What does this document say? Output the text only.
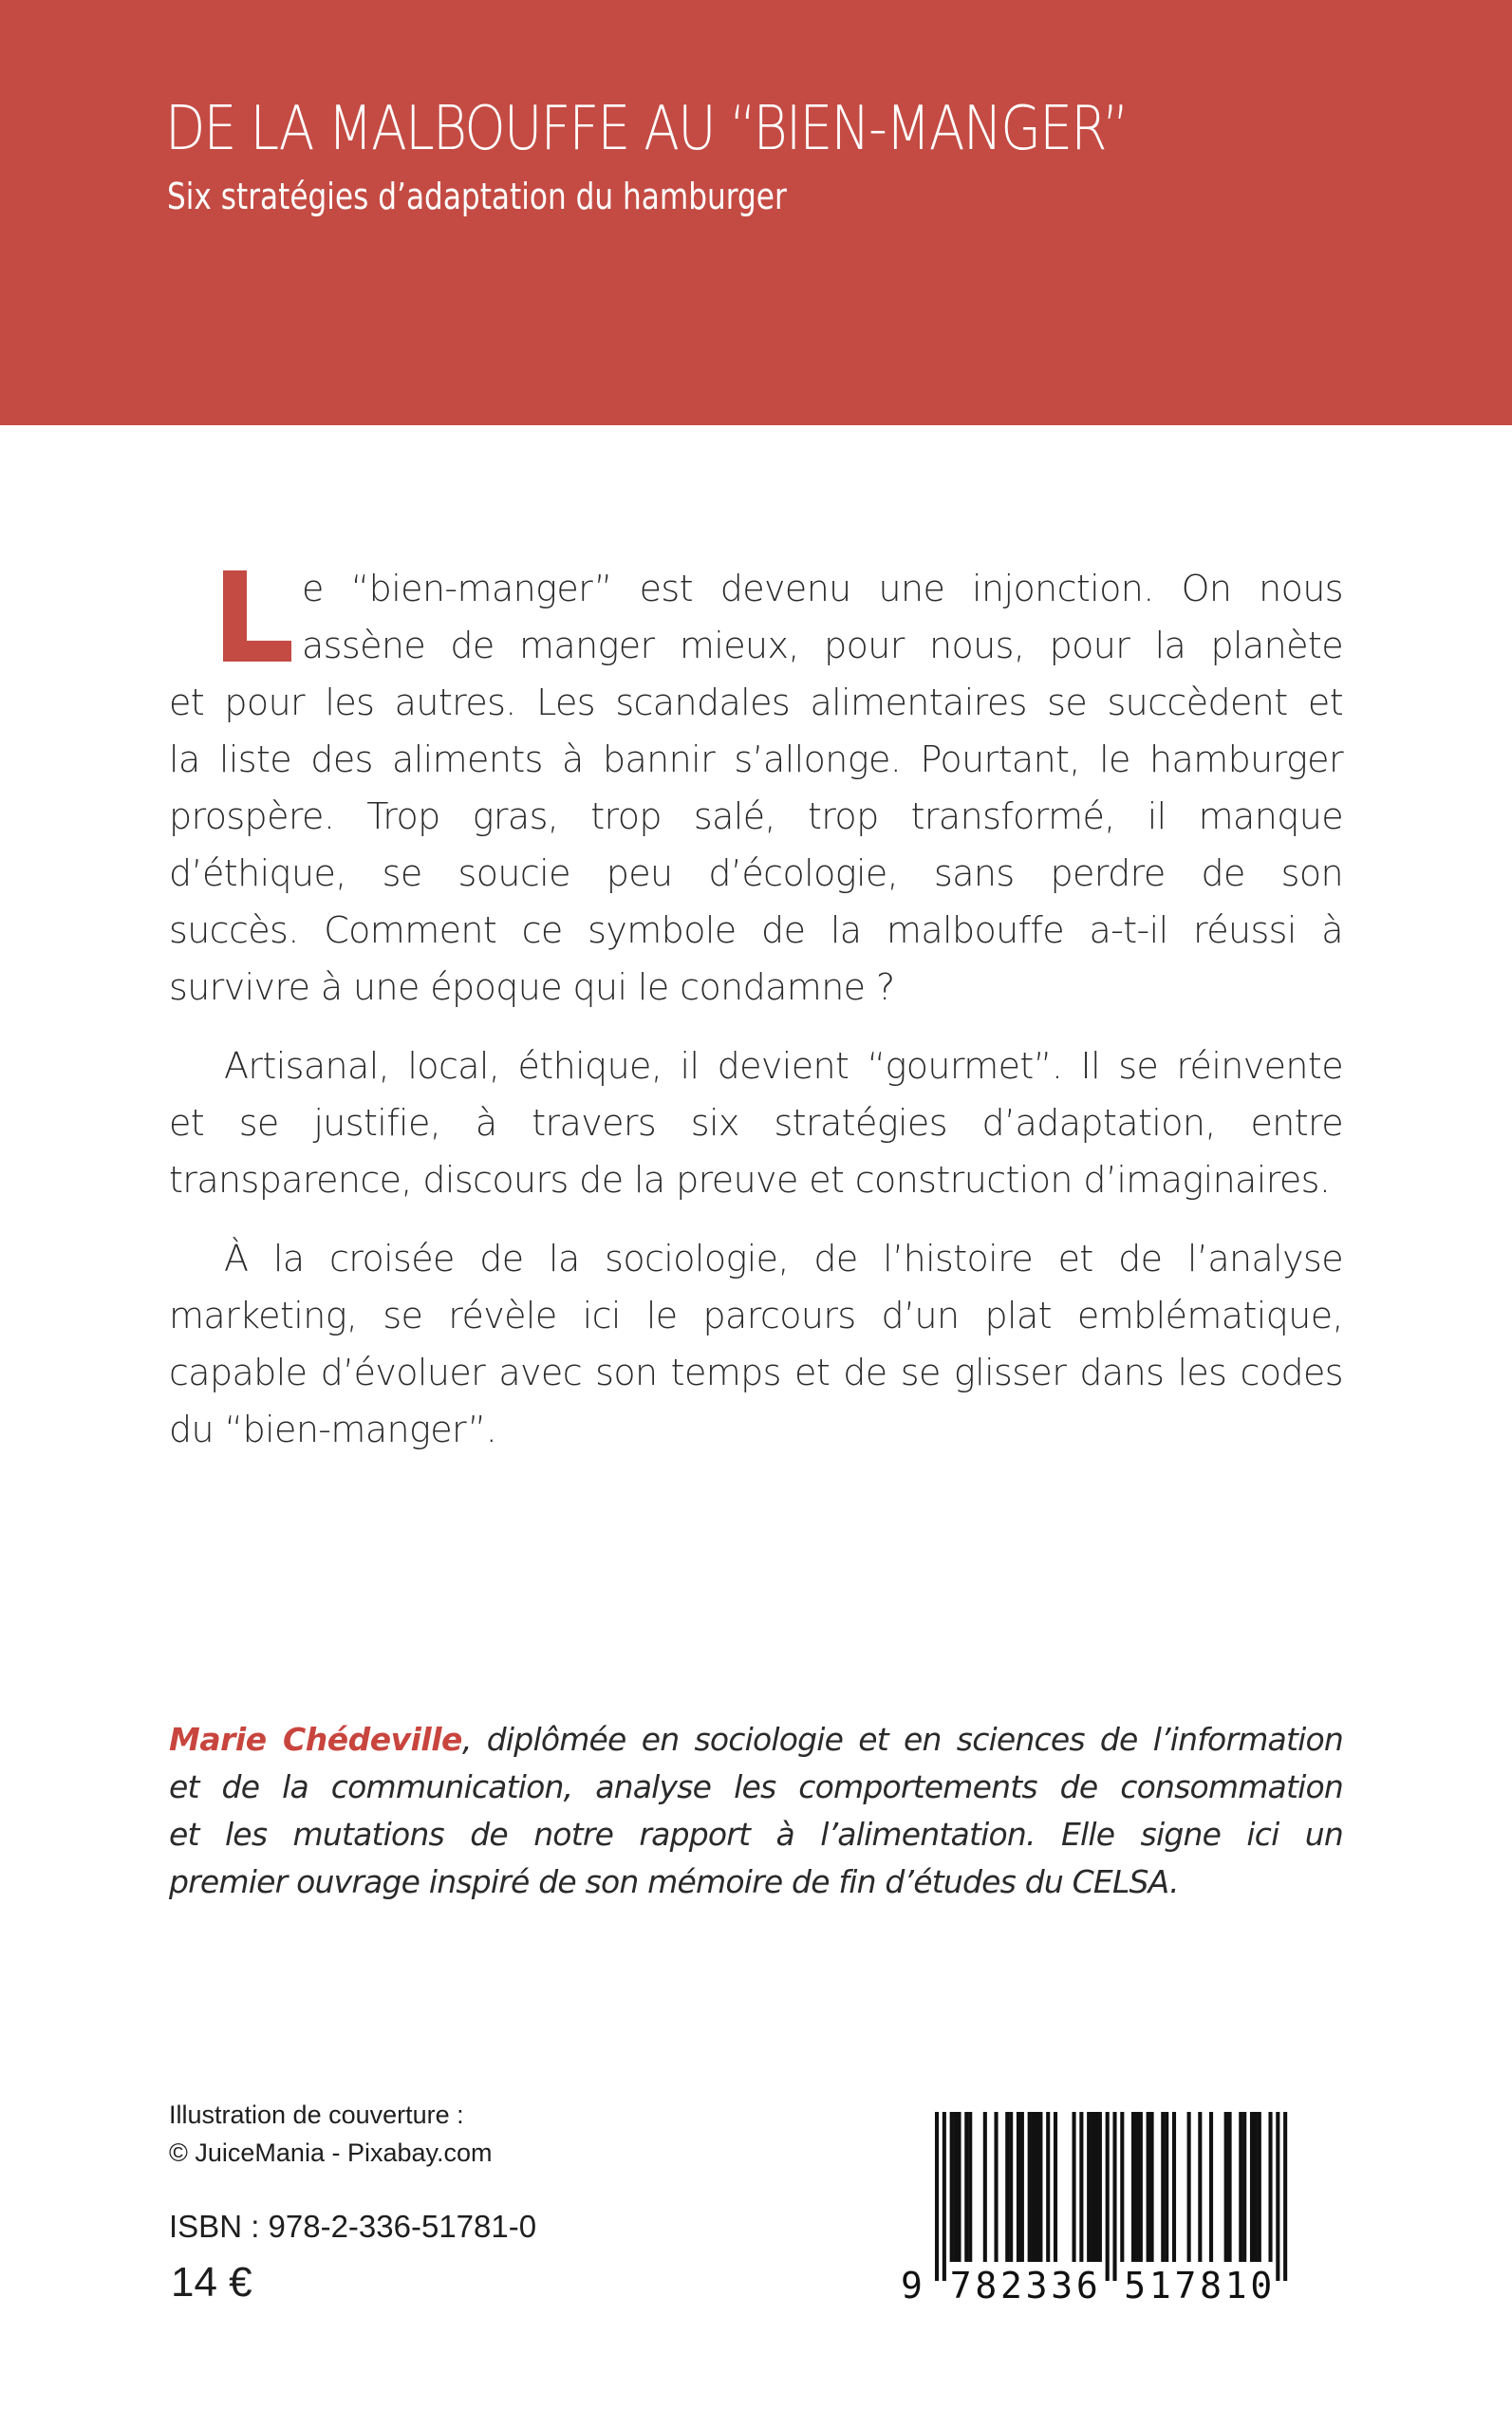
DE LA MALBOUFFE AU “BIEN-MANGER”
Six stratégies d’adaptation du hamburger
e “bien-manger” est devenu une injonction. On nous
assène de manger mieux, pour nous, pour la planète
et pour les autres. Les scandales alimentaires se succèdent et
la liste des aliments à bannir s’allonge. Pourtant, le hamburger
prospère. Trop gras, trop salé, trop transformé, il manque
d’éthique, se soucie peu d’écologie, sans perdre de son
succès. Comment ce symbole de la malbouffe a-t-il réussi à
survivre à une époque qui le condamne ?
Artisanal, local, éthique, il devient “gourmet”. Il se réinvente
et se justifie, à travers six stratégies d’adaptation, entre
transparence, discours de la preuve et construction d’imaginaires.
À la croisée de la sociologie, de l’histoire et de l’analyse
marketing, se révèle ici le parcours d’un plat emblématique,
capable d’évoluer avec son temps et de se glisser dans les codes
du “bien-manger”.
Marie Chédeville, diplômée en sociologie et en sciences de l’information
et de la communication, analyse les comportements de consommation
et les mutations de notre rapport à l’alimentation. Elle signe ici un
premier ouvrage inspiré de son mémoire de fin d’études du CELSA.
Illustration de couverture :
© JuiceMania - Pixabay.com
ISBN : 978-2-336-51781-0
14 €	9 782336 517810
